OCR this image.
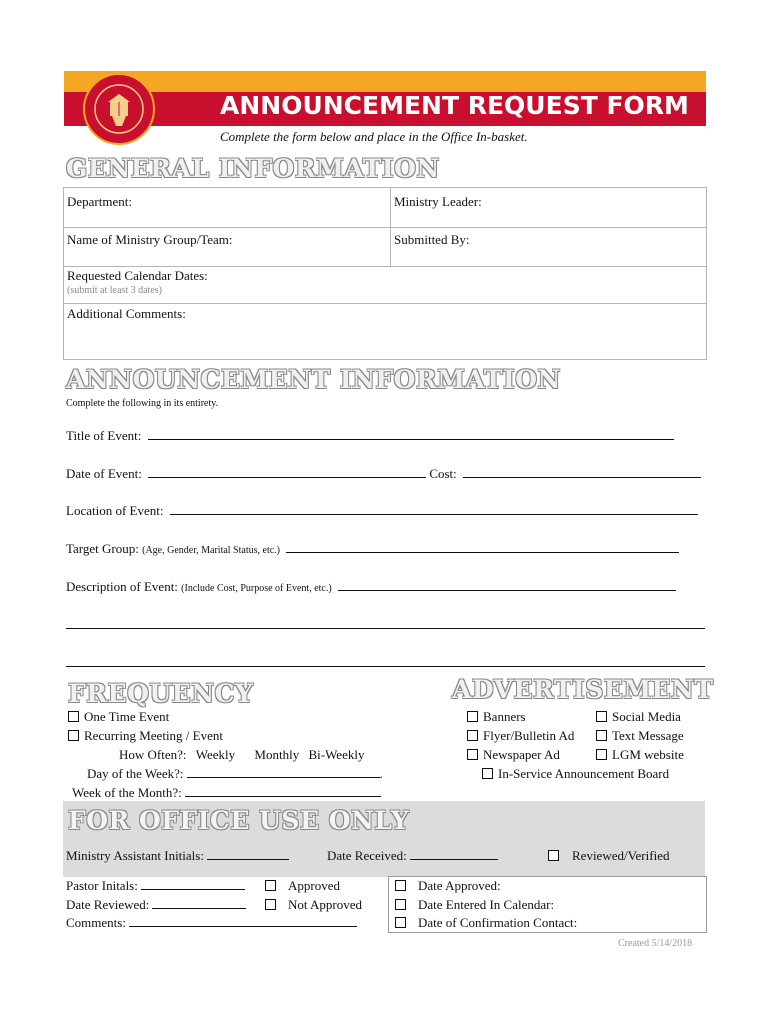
ANNOUNCEMENT REQUEST FORM
Complete the form below and place in the Office In-basket.
GENERAL INFORMATION
Department:	Ministry Leader:
Name of Ministry Group/Team:	Submitted By:
Requested Calendar Dates:
(submit at least 3 dates)
Additional Comments:
ANNOUNCEMENT INFORMATION
Complete the following in its entirety.
Title of Event:
Date of Event:	Cost:
Location of Event:
Target Group: (Age, Gender, Marital Status, etc.)
Description of Event: (Include Cost, Purpose of Event, etc.)
FREQUENCY
One Time Event
Recurring Meeting / Event
How Often?: Weekly Monthly Bi-Weekly
Day of the Week?:	.
Week of the Month?:
ADVERTISEMENT
Banners	Social Media
Flyer/Bulletin Ad	Text Message
Newspaper Ad	LGM website
In-Service Announcement Board
FOR OFFICE USE ONLY
Ministry Assistant Initials:	Date Received:	Reviewed/Verified
Pastor Initals:	Approved
Date Reviewed:	Not Approved
Comments:
Date Approved:
Date Entered In Calendar:
Date of Confirmation Contact:
Created 5/14/2018
